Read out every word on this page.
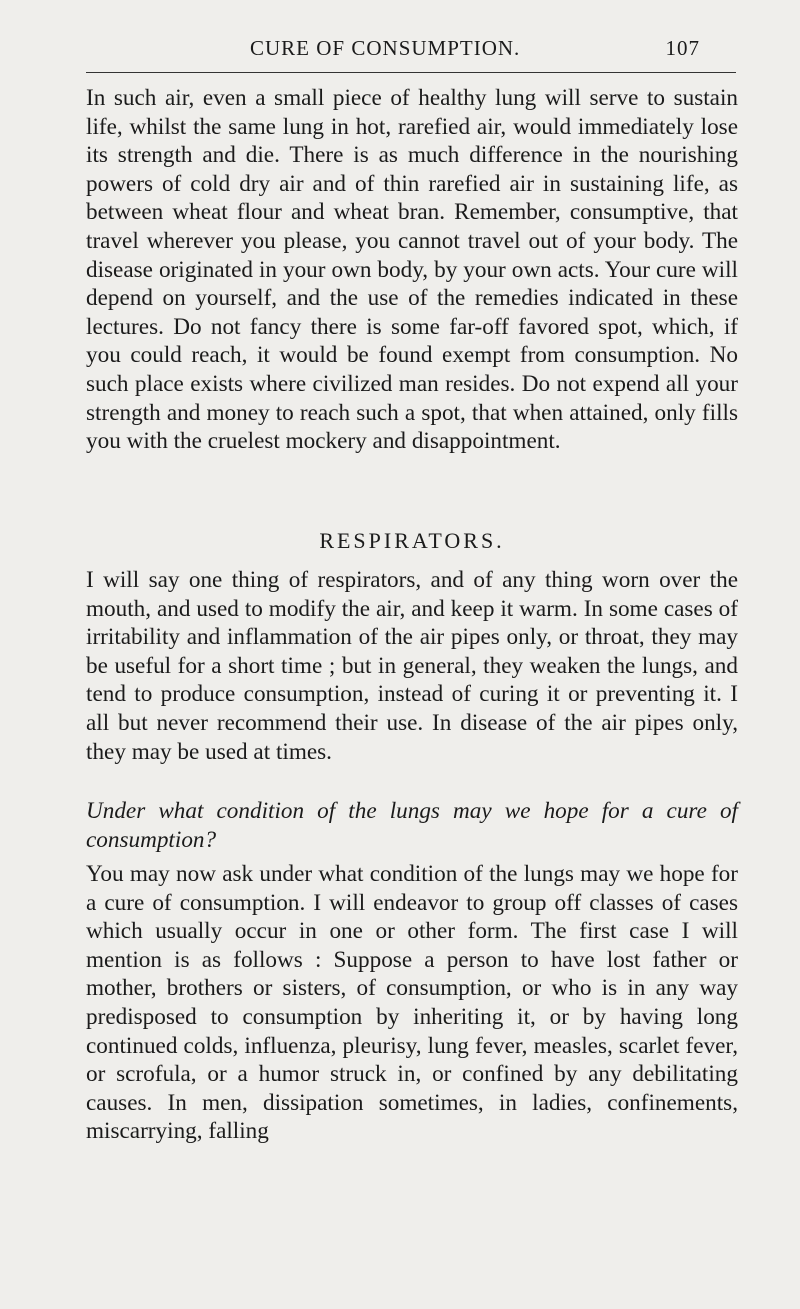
CURE OF CONSUMPTION.	107

In such air, even a small piece of healthy lung will serve to sustain life, whilst the same lung in hot, rarefied air, would immediately lose its strength and die. There is as much difference in the nourishing powers of cold dry air and of thin rarefied air in sustaining life, as between wheat flour and wheat bran. Remember, consumptive, that travel wherever you please, you cannot travel out of your body. The disease originated in your own body, by your own acts. Your cure will depend on yourself, and the use of the remedies indicated in these lectures. Do not fancy there is some far-off favored spot, which, if you could reach, it would be found exempt from consumption. No such place exists where civilized man resides. Do not expend all your strength and money to reach such a spot, that when attained, only fills you with the cruelest mockery and disappointment.

RESPIRATORS.

I will say one thing of respirators, and of any thing worn over the mouth, and used to modify the air, and keep it warm. In some cases of irritability and inflammation of the air pipes only, or throat, they may be useful for a short time ; but in general, they weaken the lungs, and tend to produce consumption, instead of curing it or preventing it. I all but never recommend their use. In disease of the air pipes only, they may be used at times.

Under what condition of the lungs may we hope for a cure of consumption?

You may now ask under what condition of the lungs may we hope for a cure of consumption. I will endeavor to group off classes of cases which usually occur in one or other form. The first case I will mention is as follows : Suppose a person to have lost father or mother, brothers or sisters, of consumption, or who is in any way predisposed to consumption by inheriting it, or by having long continued colds, influenza, pleurisy, lung fever, measles, scarlet fever, or scrofula, or a humor struck in, or confined by any debilitating causes. In men, dissipation sometimes, in ladies, confinements, miscarrying, falling
